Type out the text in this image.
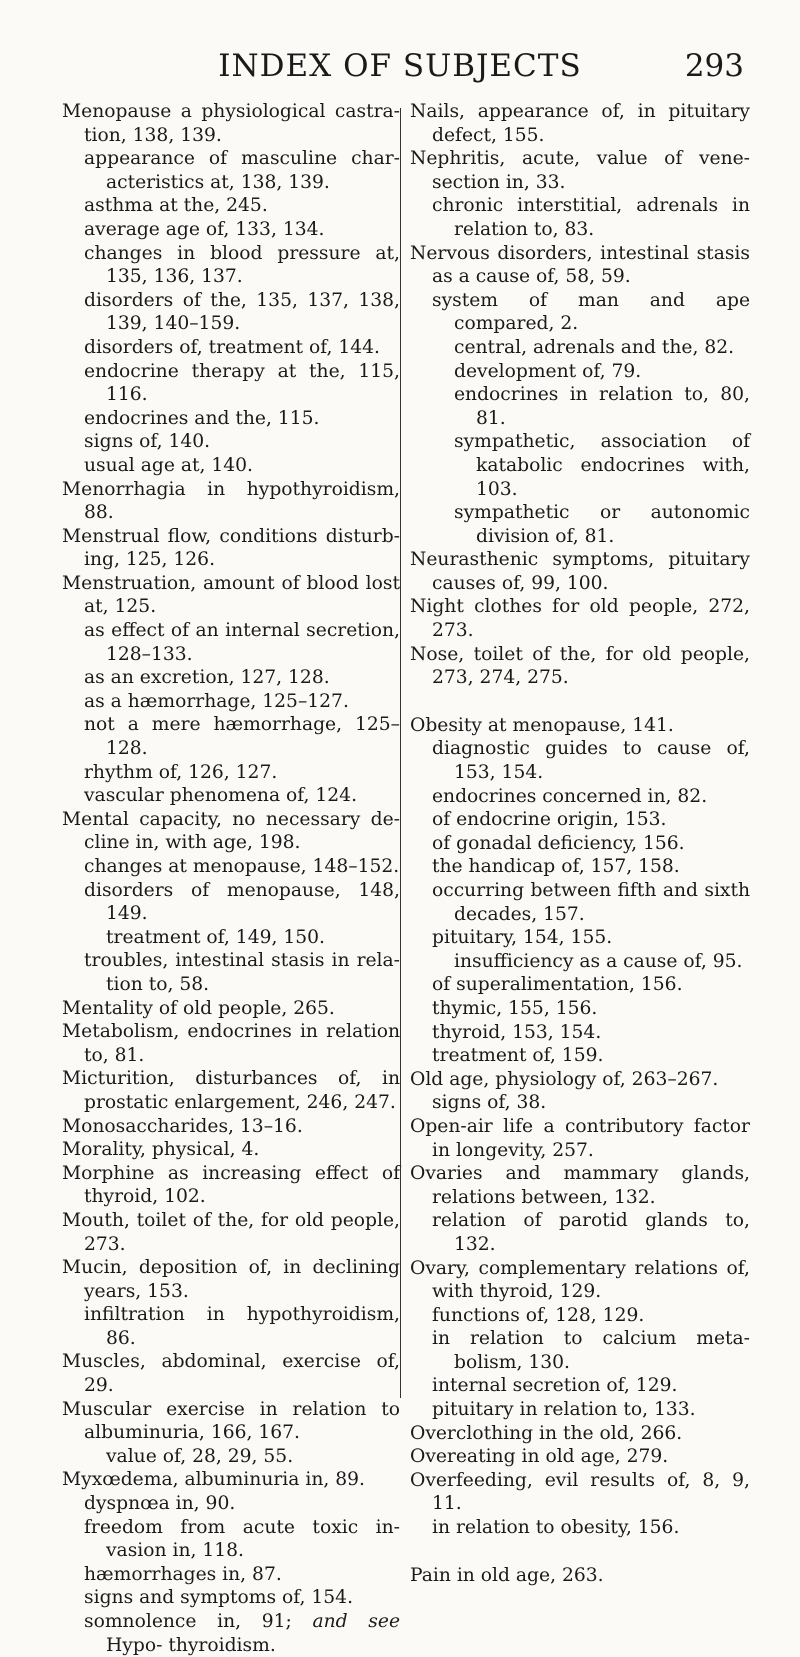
INDEX OF SUBJECTS	293
Menopause a physiological castra- tion, 138, 139.
appearance of masculine char- acteristics at, 138, 139.
asthma at the, 245.
average age of, 133, 134.
changes in blood pressure at, 135, 136, 137.
disorders of the, 135, 137, 138, 139, 140–159.
disorders of, treatment of, 144.
endocrine therapy at the, 115, 116.
endocrines and the, 115.
signs of, 140.
usual age at, 140.
Menorrhagia in hypothyroidism, 88.
Menstrual flow, conditions disturb- ing, 125, 126.
Menstruation, amount of blood lost at, 125.
as effect of an internal secretion, 128–133.
as an excretion, 127, 128.
as a hæmorrhage, 125–127.
not a mere hæmorrhage, 125–128.
rhythm of, 126, 127.
vascular phenomena of, 124.
Mental capacity, no necessary de- cline in, with age, 198.
changes at menopause, 148–152.
disorders of menopause, 148, 149.
treatment of, 149, 150.
troubles, intestinal stasis in rela- tion to, 58.
Mentality of old people, 265.
Metabolism, endocrines in relation to, 81.
Micturition, disturbances of, in prostatic enlargement, 246, 247.
Monosaccharides, 13–16.
Morality, physical, 4.
Morphine as increasing effect of thyroid, 102.
Mouth, toilet of the, for old people, 273.
Mucin, deposition of, in declining years, 153.
infiltration in hypothyroidism, 86.
Muscles, abdominal, exercise of, 29.
Muscular exercise in relation to albuminuria, 166, 167.
value of, 28, 29, 55.
Myxœdema, albuminuria in, 89.
dyspnœa in, 90.
freedom from acute toxic in- vasion in, 118.
hæmorrhages in, 87.
signs and symptoms of, 154.
somnolence in, 91; and see Hypo- thyroidism.
Nails, appearance of, in pituitary defect, 155.
Nephritis, acute, value of vene- section in, 33.
chronic interstitial, adrenals in relation to, 83.
Nervous disorders, intestinal stasis as a cause of, 58, 59.
system of man and ape compared, 2.
central, adrenals and the, 82.
development of, 79.
endocrines in relation to, 80, 81.
sympathetic, association of katabolic endocrines with, 103.
sympathetic or autonomic division of, 81.
Neurasthenic symptoms, pituitary causes of, 99, 100.
Night clothes for old people, 272, 273.
Nose, toilet of the, for old people, 273, 274, 275.
Obesity at menopause, 141.
diagnostic guides to cause of, 153, 154.
endocrines concerned in, 82.
of endocrine origin, 153.
of gonadal deficiency, 156.
the handicap of, 157, 158.
occurring between fifth and sixth decades, 157.
pituitary, 154, 155.
insufficiency as a cause of, 95.
of superalimentation, 156.
thymic, 155, 156.
thyroid, 153, 154.
treatment of, 159.
Old age, physiology of, 263–267.
signs of, 38.
Open-air life a contributory factor in longevity, 257.
Ovaries and mammary glands, relations between, 132.
relation of parotid glands to, 132.
Ovary, complementary relations of, with thyroid, 129.
functions of, 128, 129.
in relation to calcium meta- bolism, 130.
internal secretion of, 129.
pituitary in relation to, 133.
Overclothing in the old, 266.
Overeating in old age, 279.
Overfeeding, evil results of, 8, 9, 11.
in relation to obesity, 156.
Pain in old age, 263.
